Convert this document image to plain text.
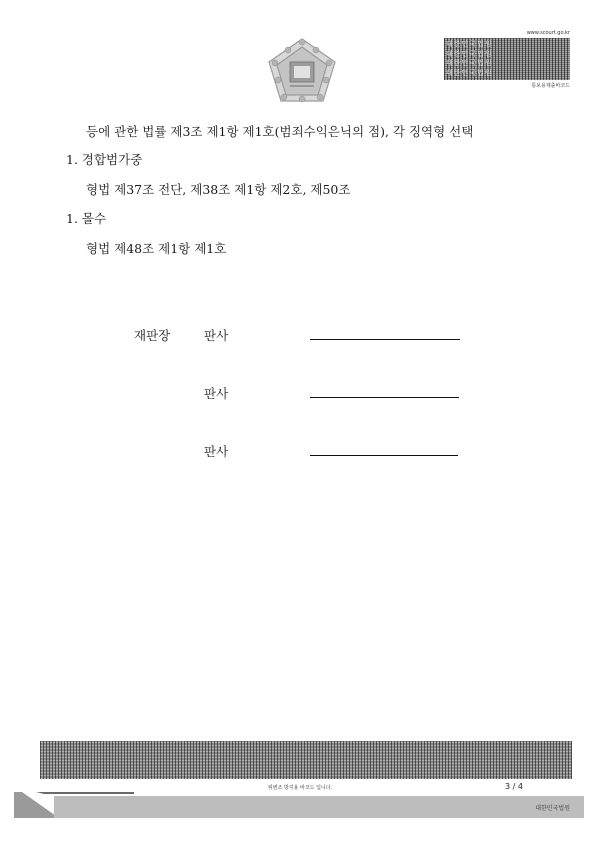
www.scourt.go.kr
대한민국법원
대한민국법원
대한민국법원
대한민국법원
통보용제출바코드
등에 관한 법률 제3조 제1항 제1호(범죄수익은닉의 점), 각 징역형 선택
1. 경합범가중
형법 제37조 전단, 제38조 제1항 제2호, 제50조
1. 몰수
형법 제48조 제1항 제1호
재판장	판사
판사
판사
위변조 방지용 바코드 입니다.	3 / 4
대한민국법원
